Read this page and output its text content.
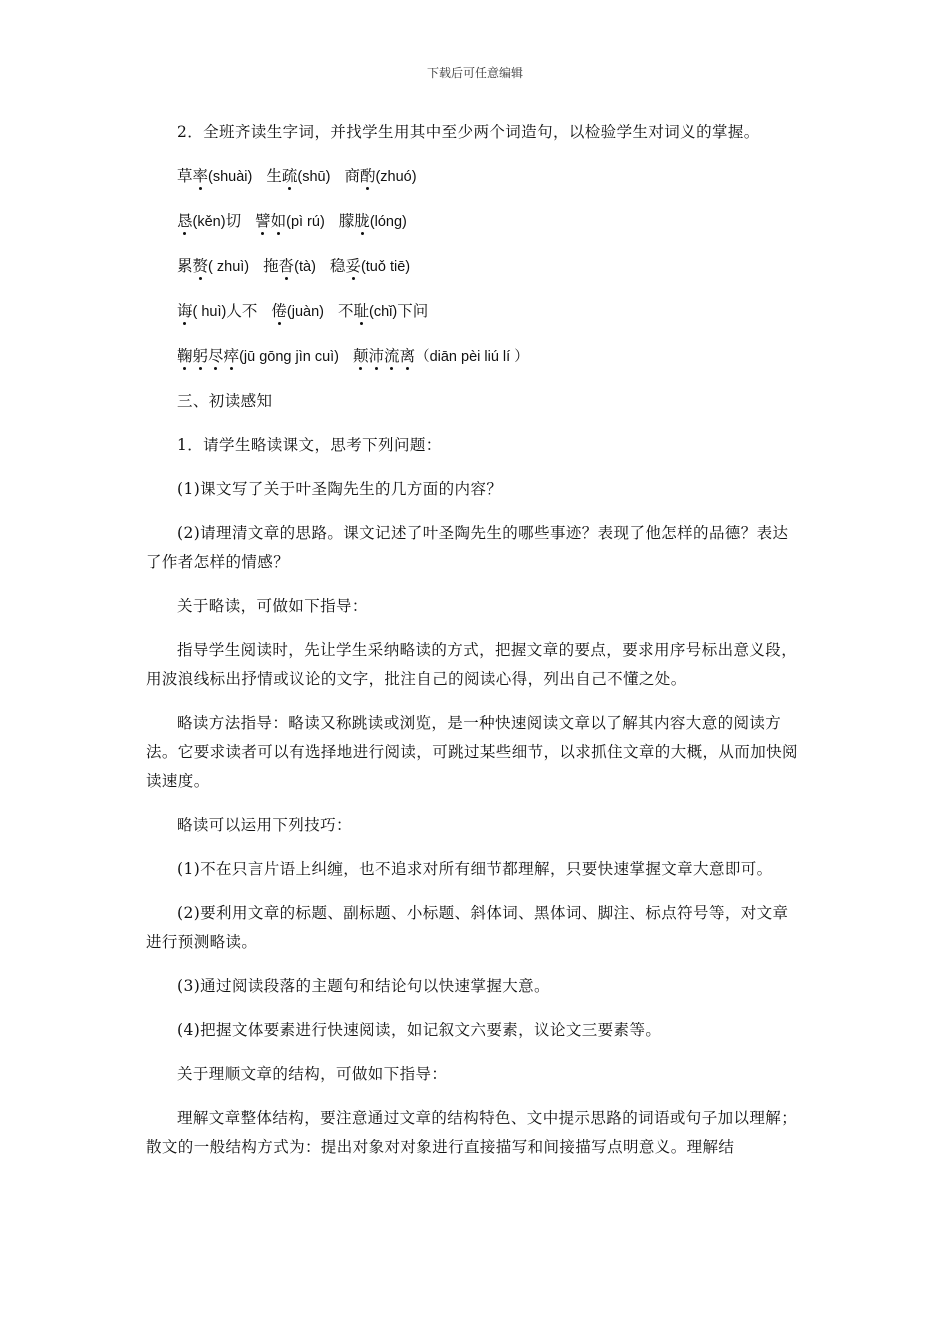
下载后可任意编辑

2．全班齐读生字词，并找学生用其中至少两个词造句，以检验学生对词义的掌握。

草率(shuài) 生疏(shū) 商酌(zhuó)
恳(kěn)切 譬如(pì rú) 朦胧(lóng)
累赘( zhuì) 拖沓(tà) 稳妥(tuǒ tiē)
诲( huì)人不 倦(juàn) 不耻(chǐ)下问
鞠躬尽瘁(jū gōng jìn cuì) 颠沛流离（diān pèi liú lí ）

三、初读感知

1．请学生略读课文，思考下列问题：

(1)课文写了关于叶圣陶先生的几方面的内容？

(2)请理清文章的思路。课文记述了叶圣陶先生的哪些事迹？表现了他怎样的品德？表达了作者怎样的情感？

关于略读，可做如下指导：

指导学生阅读时，先让学生采纳略读的方式，把握文章的要点，要求用序号标出意义段，用波浪线标出抒情或议论的文字，批注自己的阅读心得，列出自己不懂之处。

略读方法指导：略读又称跳读或浏览，是一种快速阅读文章以了解其内容大意的阅读方法。它要求读者可以有选择地进行阅读，可跳过某些细节，以求抓住文章的大概，从而加快阅读速度。

略读可以运用下列技巧：

(1)不在只言片语上纠缠，也不追求对所有细节都理解，只要快速掌握文章大意即可。

(2)要利用文章的标题、副标题、小标题、斜体词、黑体词、脚注、标点符号等，对文章进行预测略读。

(3)通过阅读段落的主题句和结论句以快速掌握大意。

(4)把握文体要素进行快速阅读，如记叙文六要素，议论文三要素等。

关于理顺文章的结构，可做如下指导：

理解文章整体结构，要注意通过文章的结构特色、文中提示思路的词语或句子加以理解；散文的一般结构方式为：提出对象对对象进行直接描写和间接描写点明意义。理解结
